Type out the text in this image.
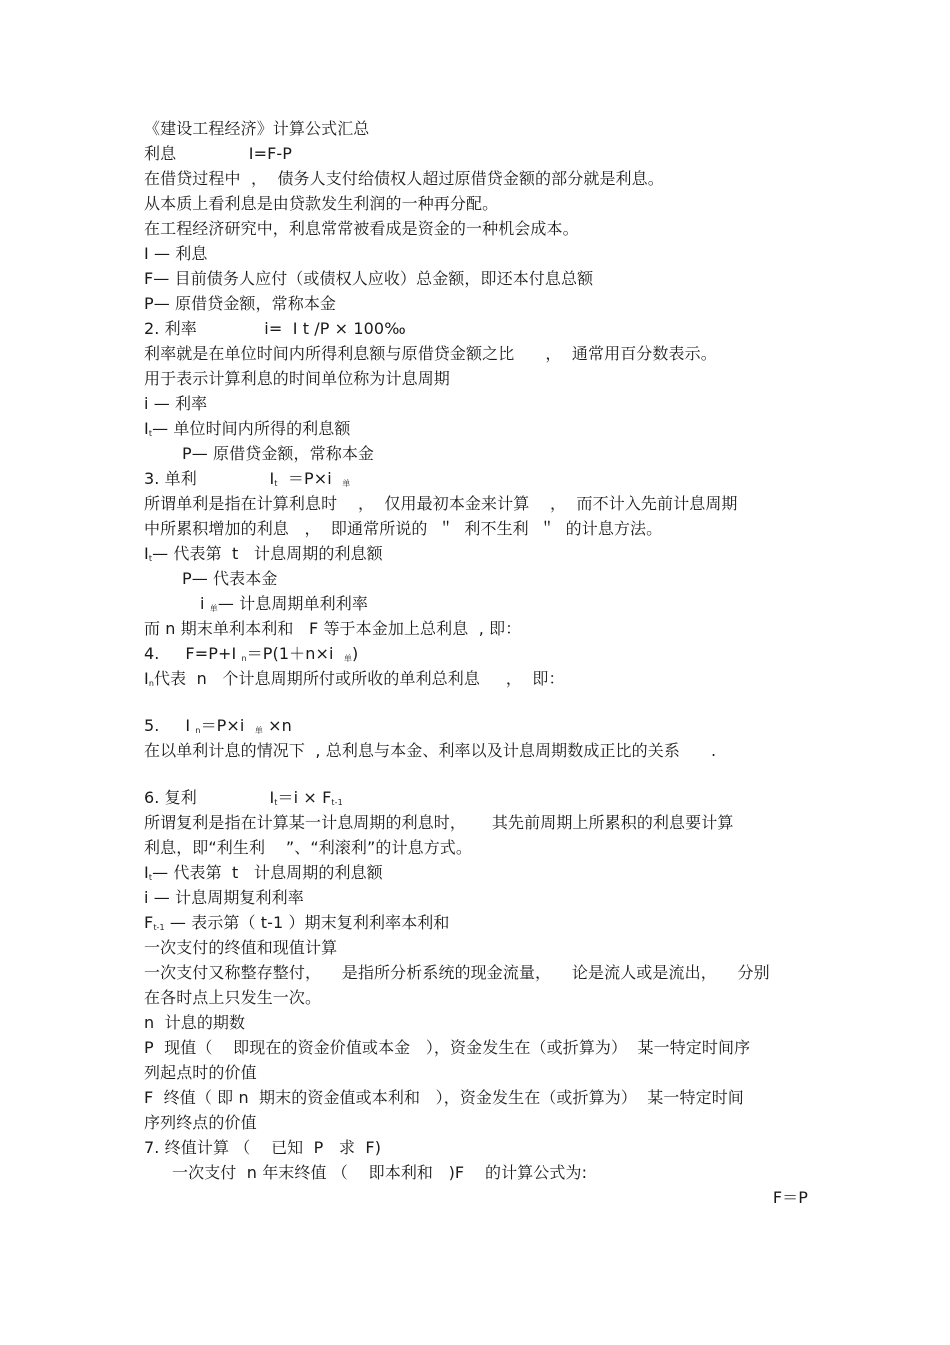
《建设工程经济》计算公式汇总
利息              I=F-P
在借贷过程中  ，  债务人支付给债权人超过原借贷金额的部分就是利息。
从本质上看利息是由贷款发生利润的一种再分配。
在工程经济研究中，利息常常被看成是资金的一种机会成本。
I — 利息
F— 目前债务人应付（或债权人应收）总金额，即还本付息总额
P— 原借贷金额，常称本金
2. 利率             i=  I t /P × 100‰
利率就是在单位时间内所得利息额与原借贷金额之比      ，  通常用百分数表示。
用于表示计算利息的时间单位称为计息周期
i — 利率
$I_t—$ 单位时间内所得的利息额
P— 原借贷金额，常称本金
3. 单利              $I_t =P\times i$  $_单$
所谓单利是指在计算利息时    ，  仅用最初本金来计算    ，  而不计入先前计息周期
中所累积增加的利息   ，  即通常所说的  ＂  利不生利  ＂  的计息方法。
$I_t—$ 代表第  t   计息周期的利息额
P— 代表本金
i $_单$— 计息周期单利利率
而 n 期末单利本利和   F 等于本金加上总利息  , 即：
4.     F=P+I $_n$＝P(1＋n×i  $_单$)
$I_n$代表  n   个计息周期所付或所收的单利总利息     ，  即：
5.     I $_n$＝P×i  $_单$ ×n
在以单利计息的情况下  , 总利息与本金、利率以及计息周期数成正比的关系      .
6. 复利              $I_t=i \times F_{t-1}$
所谓复利是指在计算某一计息周期的利息时，     其先前周期上所累积的利息要计算
利息，即“利生利    ”、“利滚利”的计息方式。
$I_t—$ 代表第  t   计息周期的利息额
i — 计息周期复利利率
$F_{t-1}$ — 表示第（ t-1 ）期末复利利率本利和
一次支付的终值和现值计算
一次支付又称整存整付，    是指所分析系统的现金流量，    论是流人或是流出，    分别
在各时点上只发生一次。
n  计息的期数
P  现值（    即现在的资金价值或本金   ），资金发生在（或折算为）  某一特定时间序
列起点时的价值
F  终值（ 即 n  期末的资金值或本利和   ），资金发生在（或折算为）  某一特定时间
序列终点的价值
7. 终值计算 （    已知  P   求  F)
一次支付  n 年末终值 （    即本利和   )F    的计算公式为:
F＝P
